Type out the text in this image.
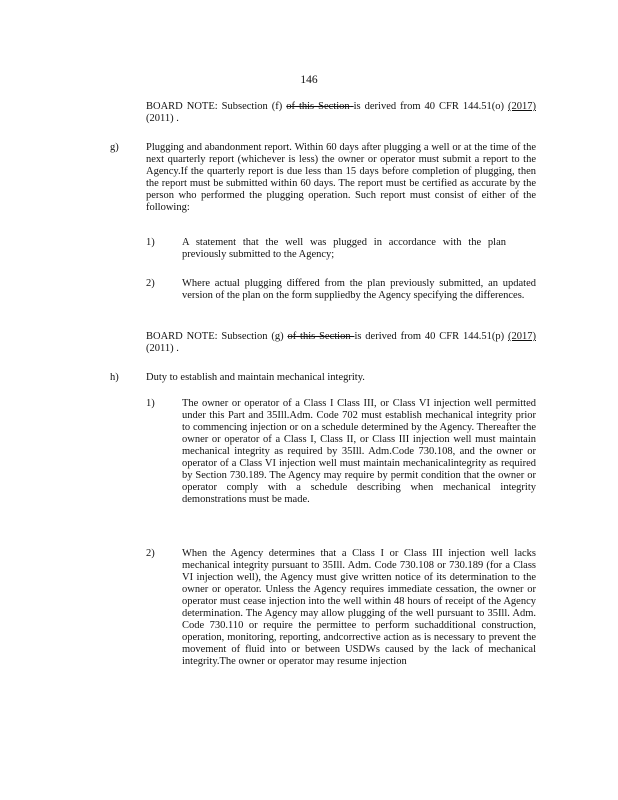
146
BOARD NOTE: Subsection (f) of this Section is derived from 40 CFR 144.51(o) (2017) (2011) .
g)	Plugging and abandonment report. Within 60 days after plugging a well or at the time of the next quarterly report (whichever is less) the owner or operator must submit a report to the Agency.If the quarterly report is due less than 15 days before completion of plugging, then the report must be submitted within 60 days. The report must be certified as accurate by the person who performed the plugging operation. Such report must consist of either of the following:
1)	A statement that the well was plugged in accordance with the plan previously submitted to the Agency;
2)	Where actual plugging differed from the plan previously submitted, an updated version of the plan on the form suppliedby the Agency specifying the differences.
BOARD NOTE: Subsection (g) of this Section is derived from 40 CFR 144.51(p) (2017) (2011) .
h)	Duty to establish and maintain mechanical integrity.
1)	The owner or operator of a Class I Class III, or Class VI injection well permitted under this Part and 35Ill.Adm. Code 702 must establish mechanical integrity prior to commencing injection or on a schedule determined by the Agency. Thereafter the owner or operator of a Class I, Class II, or Class III injection well must maintain mechanical integrity as required by 35Ill. Adm.Code 730.108, and the owner or operator of a Class VI injection well must maintain mechanicalintegrity as required by Section 730.189. The Agency may require by permit condition that the owner or operator comply with a schedule describing when mechanical integrity demonstrations must be made.
2)	When the Agency determines that a Class I or Class III injection well lacks mechanical integrity pursuant to 35Ill. Adm. Code 730.108 or 730.189 (for a Class VI injection well), the Agency must give written notice of its determination to the owner or operator. Unless the Agency requires immediate cessation, the owner or operator must cease injection into the well within 48 hours of receipt of the Agency determination. The Agency may allow plugging of the well pursuant to 35Ill. Adm. Code 730.110 or require the permittee to perform suchadditional construction, operation, monitoring, reporting, andcorrective action as is necessary to prevent the movement of fluid into or between USDWs caused by the lack of mechanical integrity.The owner or operator may resume injection
